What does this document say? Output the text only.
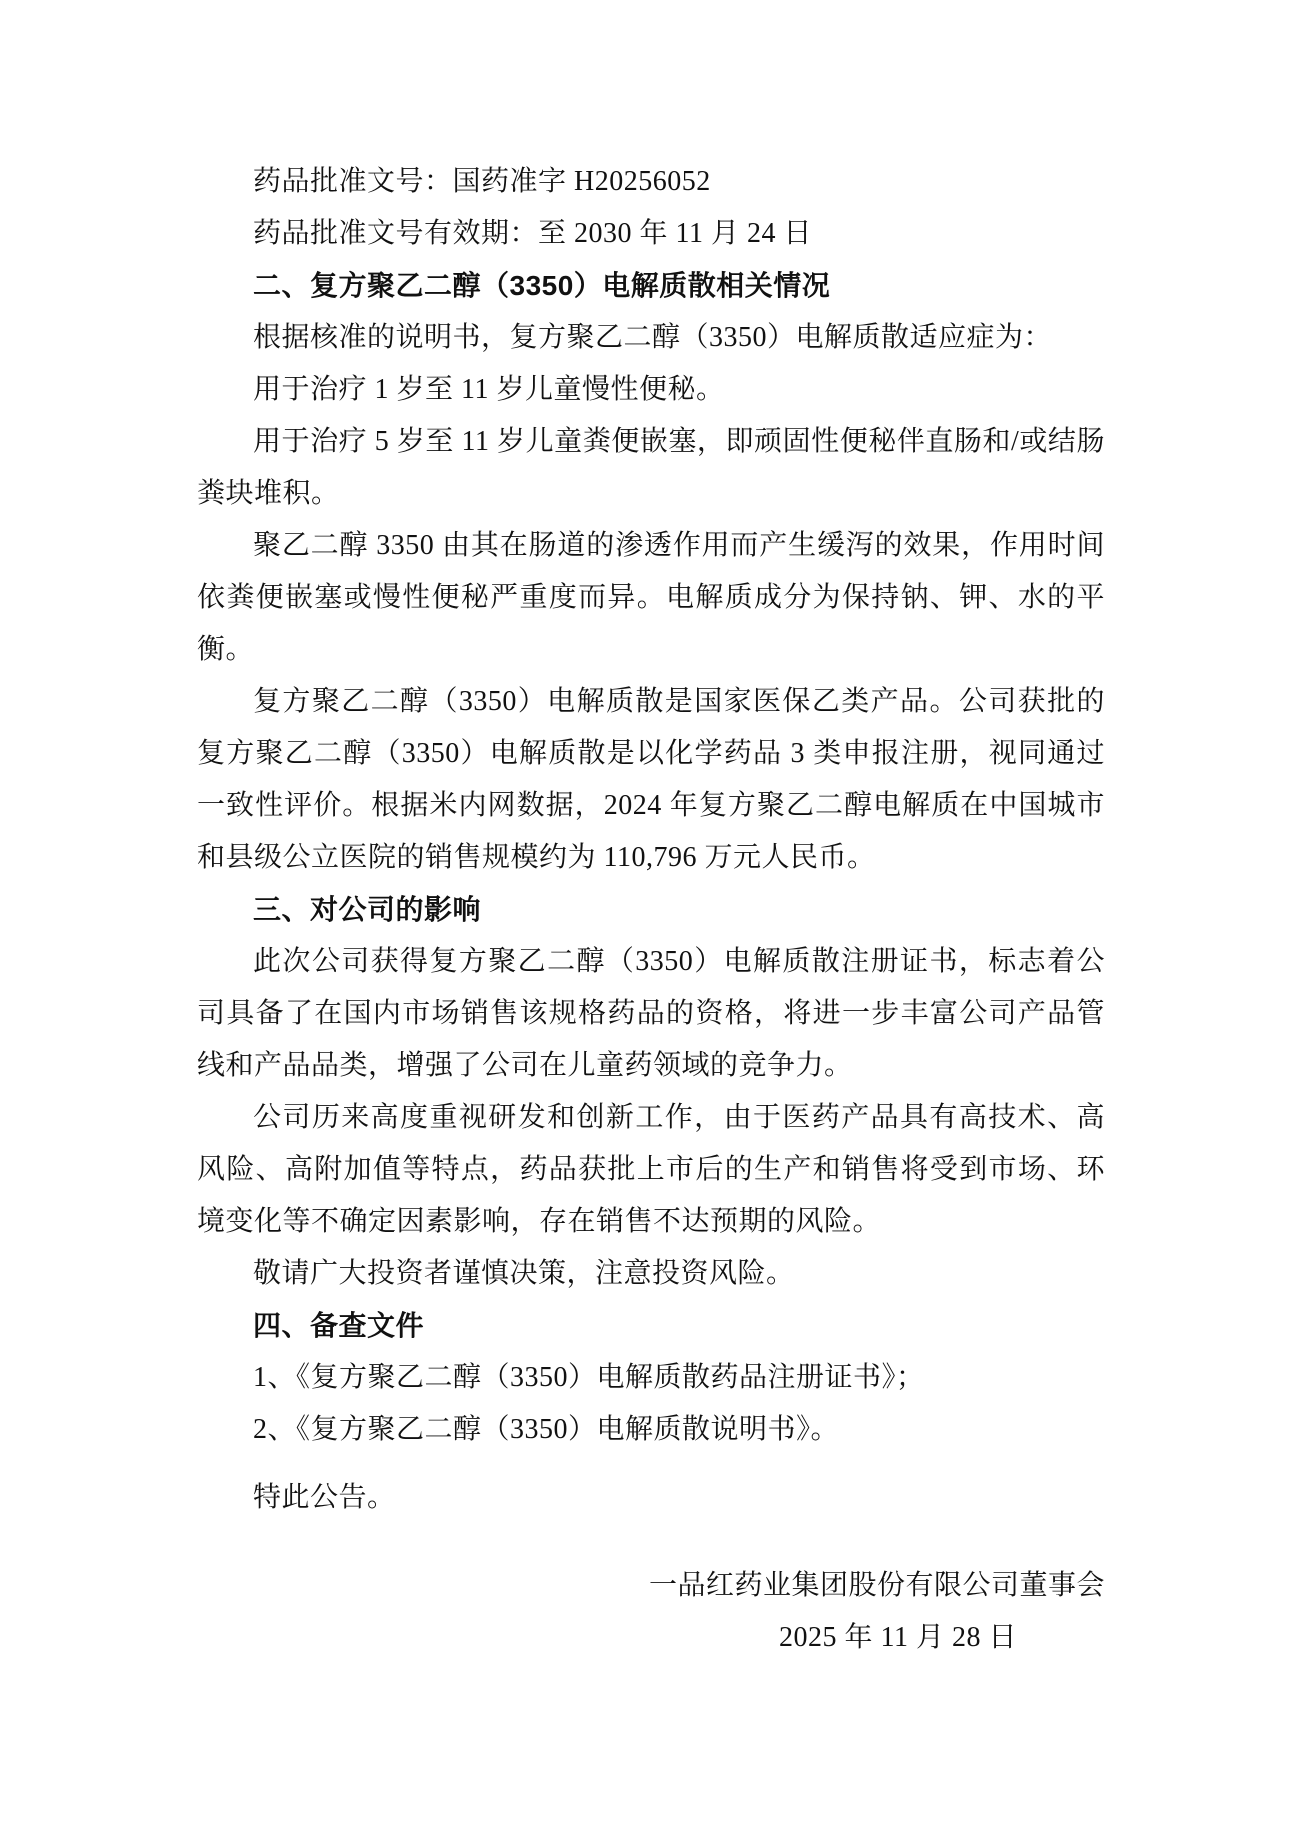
药品批准文号：国药准字 H20256052

药品批准文号有效期：至 2030 年 11 月 24 日

二、复方聚乙二醇（3350）电解质散相关情况

根据核准的说明书，复方聚乙二醇（3350）电解质散适应症为：

用于治疗 1 岁至 11 岁儿童慢性便秘。

用于治疗 5 岁至 11 岁儿童粪便嵌塞，即顽固性便秘伴直肠和/或结肠粪块堆积。

聚乙二醇 3350 由其在肠道的渗透作用而产生缓泻的效果，作用时间依粪便嵌塞或慢性便秘严重度而异。电解质成分为保持钠、钾、水的平衡。

复方聚乙二醇（3350）电解质散是国家医保乙类产品。公司获批的复方聚乙二醇（3350）电解质散是以化学药品 3 类申报注册，视同通过一致性评价。根据米内网数据，2024 年复方聚乙二醇电解质在中国城市和县级公立医院的销售规模约为 110,796 万元人民币。

三、对公司的影响

此次公司获得复方聚乙二醇（3350）电解质散注册证书，标志着公司具备了在国内市场销售该规格药品的资格，将进一步丰富公司产品管线和产品品类，增强了公司在儿童药领域的竞争力。

公司历来高度重视研发和创新工作，由于医药产品具有高技术、高风险、高附加值等特点，药品获批上市后的生产和销售将受到市场、环境变化等不确定因素影响，存在销售不达预期的风险。

敬请广大投资者谨慎决策，注意投资风险。

四、备查文件

1、《复方聚乙二醇（3350）电解质散药品注册证书》；

2、《复方聚乙二醇（3350）电解质散说明书》。

特此公告。

一品红药业集团股份有限公司董事会

2025 年 11 月 28 日
